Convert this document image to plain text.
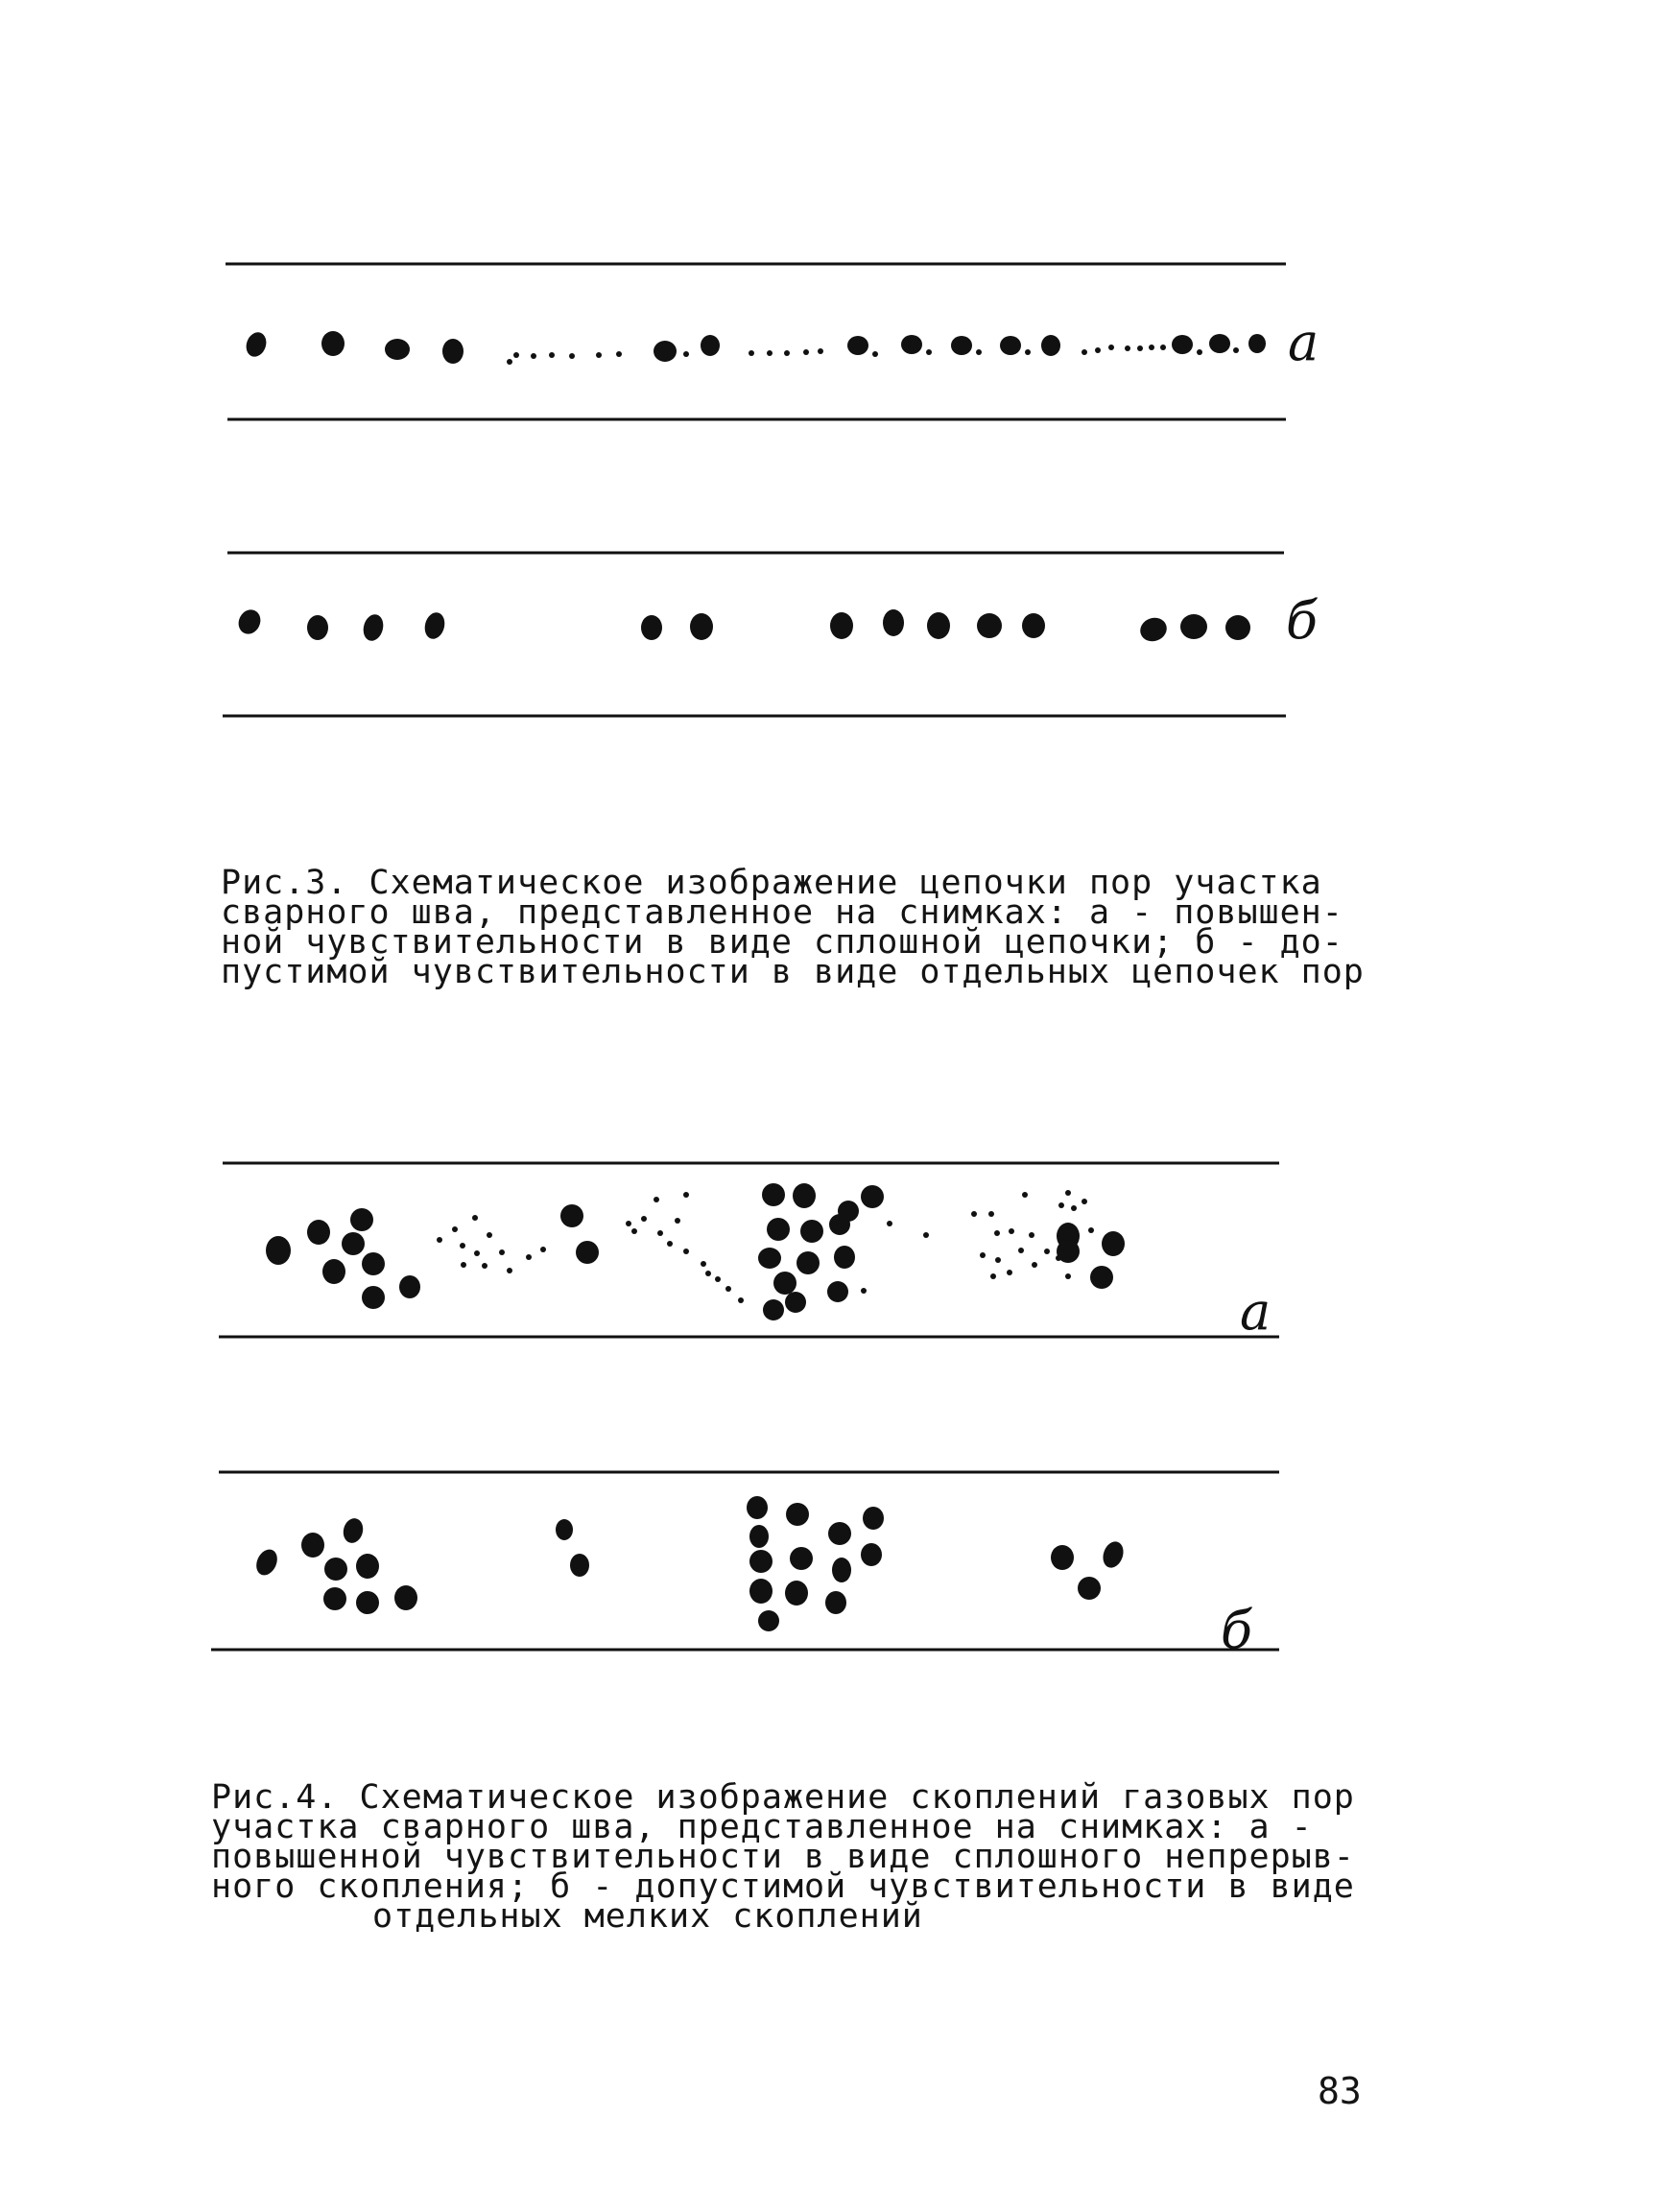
а
б
а
б

Рис.3. Схематическое изображение цепочки пор участка
сварного шва, представленное на снимках: а - повышен-
ной чувствительности в виде сплошной цепочки; б - до-
пустимой чувствительности в виде отдельных цепочек пор

Рис.4. Схематическое изображение скоплений газовых пор
участка сварного шва, представленное на снимках: а -
повышенной чувствительности в виде сплошного непрерыв-
ного скопления; б - допустимой чувствительности в виде
отдельных мелких скоплений

83
